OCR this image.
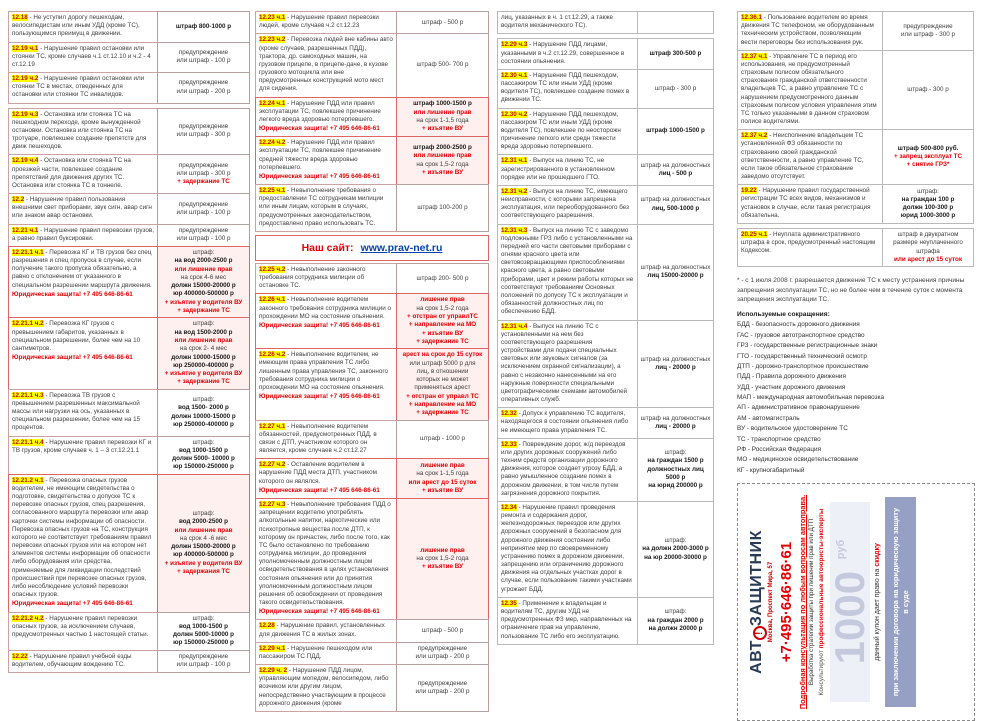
12.18 - Не уступил дорогу пешеходам, велосипедистам или иным УДД (кроме ТС), пользующимся преимущ в движении.
штраф 800-1000 р
12.19 ч.1 - Нарушение правил остановки или стоянки ТС, кроме случаев ч.1 ст.12.10 и ч.2 - 4 ст.12.19
предупреждение
или штраф - 100 р
12.19 ч.2 - Нарушение правил остановки или стоянки ТС в местах, отведенных для остановки или стоянки ТС инвалидов.
предупреждение
или штраф - 200 р
12.19 ч.3 - Остановка или стоянка ТС на пешеходном переходе, кроме вынужденной остановки. Остановка или стоянка ТС на тротуаре, повлекшее создание препятств для движ пешеходов.
предупреждение
или штраф - 300 р
12.19 ч.4 - Остановка или стоянка ТС на проезжей части, повлекшее создание препятствий для движения других ТС. Остановка или стоянка ТС в тоннеле.
предупреждение
или штраф - 300 р
+ задержание ТС
12.2 - Нарушение правил пользования внешними свет приборами, звук сигн, авар сигн или знаком авар остановки.
предупреждение
или штраф - 100 р
12.21 ч.1 - Нарушение правил перевозки грузов, а равно правил буксировки.
предупреждение
или штраф - 100 р
12.21.1 ч.1 - Перевозка КГ и ТВ грузов без спец разрешения и спец пропуска в случае, если получение такого пропуска обязательно, а равно с отклонением от указанного в специальном разрешении маршрута движения.
Юридическая защита! +7 495 646-86-61
штраф:
на вод 2000-2500 р
или лишение прав
на срок 4-6 мес
должн 15000-20000 р
юр 400000-500000 р
+ изъятие у водителя ВУ
+ задержание ТС
12.21.1 ч.2 - Перевозка КГ грузов с превышением габаритов, указанных в специальном разрешении, более чем на 10 сантиметров.
Юридическая защита! +7 495 646-86-61
штраф:
на вод 1500-2000 р
или лишение прав
на срок 2- 4 мес
должн 10000-15000 р
юр 250000-400000 р
+ изъятие у водителя ВУ
+ задержание ТС
12.21.1 ч.3 - Перевозка ТВ грузов с превышением разрешенных максимальной массы или нагрузки на ось, указанных в специальном разрешении, более чем на 15 процентов.
штраф:
вод 1500- 2000 р
должн 10000-15000 р
юр 250000-400000 р
12.21.1 ч.4 - Нарушение правил перевозки КГ и ТВ грузов, кроме случаев ч. 1 – 3 ст.12.21.1
штраф:
вод 1000-1500 р
должн 5000- 10000 р
юр 150000-250000 р
12.21.2 ч.1 - Перевозка опасных грузов водителем, не имеющим свидетельства о подготовке, свидетельства о допуске ТС к перевозке опасных грузов, спец разрешения, согласованного маршрута перевозки или авар карточки системы информации об опасности. Перевозка опасных грузов на ТС, конструкция которого не соответствует требованиям правил перевозки опасных грузов или на котором нет элементов системы информации об опасности либо оборудования или средства, применяемые для ликвидации последствий происшествий при перевозке опасных грузов, либо несоблюдение условий перевозки опасных грузов.
Юридическая защита! +7 495 646-86-61
штраф:
вод 2000-2500 р
или лишение прав
на срок 4 -6 мес
должн 15000-20000 р
юр 400000-500000 р
+ изъятие у водителя ВУ
+ задержания ТС
12.21.2 ч.2 - Нарушение правил перевозки опасных грузов, за исключением случаев, предусмотренных частью 1 настоящей статьи.
штраф:
вод 1000-1500 р
должн 5000-10000 р
юр 150000-250000 р
12.22 - Нарушение правил учебной езды водителем, обучающим вождению ТС.
предупреждение
или штраф - 100 р
12.23 ч.1 - Нарушение правил перевозки людей, кроме случаев ч.2 ст.12.23
штраф - 500 р
12.23 ч.2 - Перевозка людей вне кабины авто (кроме случаев, разрешенных ПДД), трактора, др. самоходных машин, на грузовом прицепе, в прицепе-даче, в кузове грузового мотоцикла или вне предусмотренных конструкцией мото мест для сидения.
штраф 500- 700 р
12.24 ч.1 - Нарушение ПДД или правил эксплуатации ТС, повлекшее причинение легкого вреда здоровью потерпевшего.
Юридическая защита! +7 495 646-86-61
штраф 1000-1500 р
или лишение прав
на срок 1-1,5 года
+ изъятие ВУ
12.24 ч.2 - Нарушение ПДД или правил эксплуатации ТС, повлекшее причинение средней тяжести вреда здоровью потерпевшего.
Юридическая защита! +7 495 646-86-61
штраф 2000-2500 р
или лишение прав
на срок 1,5-2 года
+ изъятие ВУ
12.25 ч.1 - Невыполнение требования о предоставлении ТС сотрудникам милиции или иным лицам, которым в случаях, предусмотренных законодательством, предоставлено право использовать ТС.
штраф 100-200 р
Наш сайт: www.prav-net.ru
12.25 ч.2 - Невыполнение законного требования сотрудника милиции об остановке ТС.
штраф 200- 500 р
12.26 ч.1 - Невыполнение водителем законного требования сотрудника милиции о прохождении МО на состояние опьянения.
Юридическая защита! +7 495 646-86-61
лишение прав
на срок 1,5-2 года
+ отстран от управлТС
+ направление на МО
+ изъятие ВУ
+ задержание ТС
12.26 ч.2 - Невыполнение водителем, не имеющим права управления ТС либо лишенным права управления ТС, законного требования сотрудника милиции о прохождении МО на состояние опьянения.
Юридическая защита! +7 495 646-86-61
арест на срок до 15 суток
или штраф 5000 р для
лиц, в отношении
которых не может
применяться арест
+ отстран от управл ТС
+ направление на МО
+ задержание ТС
12.27 ч.1 - Невыполнение водителем обязанностей, предусмотренных ПДД, в связи с ДТП, участником которого он является, кроме случаев ч.2 ст.12.27
штраф - 1000 р
12.27 ч.2 - Оставление водителем в нарушение ПДД места ДТП, участником которого он являлся.
Юридическая защита! +7 495 646-86-61
лишение прав
на срок 1-1,5 года
или арест до 15 суток
+ изъятие ВУ
12.27 ч.3 - Невыполнение требования ПДД о запрещении водителю употреблять алкогольные напитки, наркотические или психотропные вещества после ДТП, к которому он причастен, либо после того, как ТС было остановлено по требованию сотрудника милиции, до проведения уполномоченным должностным лицом освидетельствования в целях установления состояния опьянения или до принятия уполномоченным должностным лицом решения об освобождении от проведения такого освидетельствования.
Юридическая защита! +7 495 646-86-61
лишение прав
на срок 1,5-2 года
+ изъятие ВУ
12.28 - Нарушение правил, установленных для движения ТС в жилых зонах.
штраф - 500 р
12.29 ч.1 - Нарушение пешеходом или пассажиром ТС ПДД.
предупреждение
или штраф - 200 р
12.29 ч. 2 - Нарушение ПДД лицом, управляющим мопедом, велосипедом, либо возчиком или другим лицом, непосредственно участвующим в процессе дорожного движения (кроме
предупреждение
или штраф - 200 р
лиц, указанных в ч. 1 ст.12.29, а также водителя механического ТС).
12.29 ч.3 - Нарушение ПДД лицами, указанными в ч.2 ст.12.29, совершенное в состоянии опьянения.
штраф 300-500 р
12.30 ч.1 - Нарушение ПДД пешеходом, пассажиром ТС или иным УДД (кроме водителя ТС), повлекшее создание помех в движении ТС.
штраф - 300 р
12.30 ч.2 - Нарушение ПДД пешеходом, пассажиром ТС или иным УДД (кроме водителя ТС), повлекшее по неосторожн причинение легкого или средн тяжести вреда здоровью потерпевшего.
штраф 1000-1500 р
12.31 ч.1 - Выпуск на линию ТС, не зарегистрированного в установленном порядке или не прошедшего ГТО.
штраф на должностных
лиц - 500 р
12.31 ч.2 - Выпуск на линию ТС, имеющего неисправности, с которыми запрещена эксплуатация, или переоборудованного без соответствующего разрешения.
штраф на должностных
лиц, 500-1000 р
12.31 ч.3 - Выпуск на линию ТС с заведомо подложными ГРЗ либо с установленными на передней его части световыми приборами с огнями красного цвета или световозвращающими приспособлениями красного цвета, а равно световыми приборами, цвет и режим работы которых не соответствуют требованиям Основных положений по допуску ТС к эксплуатации и обязанностей должностных лиц по обеспечению БДД.
штраф на должностных
лиц 15000-20000 р
12.31 ч.4 - Выпуск на линию ТС с установленными на нем без соответствующего разрешения устройствами для подачи специальных световых или звуковых сигналов (за исключением охранной сигнализации), а равно с незаконно нанесенными на его наружные поверхности специальными цветографическими схемами автомобилей оперативных служб.
штраф на должностных
лиц - 20000 р
12.32 - Допуск к управлению ТС водителя, находящегося в состоянии опьянения либо не имеющего права управления ТС.
штраф на должностных
лиц - 20000 р
12.33 - Повреждение дорог, ж/д переездов или других дорожных сооружений либо техним средств организации дорожного движения, которое создает угрозу БДД, а равно умышленное создание помех в дорожном движении, в том числе путем загрязнения дорожного покрытия.
штраф:
на граждан 1500 р
должностных лиц 5000 р
на юрид 200000 р
12.34 - Нарушение правил проведения ремонта и содержания дорог, железнодорожных переездов или других дорожных сооружений в безопасном для дорожного движения состоянии либо непринятие мер по своевременному устранению помех в дорожном движении, запрещению или ограничению дорожного движения на отдельных участках дорог в случае, если пользование такими участками угрожает БДД.
штраф:
на должн 2000-3000 р
на юр 20000-30000 р
12.35 - Применение к владельцам и водителям ТС, другим УДД не предусмотренных ФЗ мер, направленных на ограничение прав на управление, пользование ТС либо его эксплуатацию.
штраф:
на граждан 2000 р
на должн 20000 р
12.36.1 - Пользование водителем во время движения ТС телефоном, не оборудованным техническим устройством, позволяющим вести переговоры без использования рук.
предупреждение
или штраф - 300 р
12.37 ч.1 - Управление ТС в период его использования, не предусмотренный страховым полисом обязательного страхования гражданской ответственности владельцев ТС, а равно управление ТС с нарушением предусмотренного данным страховым полисом условия управления этим ТС только указанными в данном страховом полисе водителями.
штраф - 300 р
12.37 ч.2 - Неисполнение владельцем ТС установленной ФЗ обязанности по страхованию своей гражданской ответственности, а равно управление ТС, если такое обязательное страхование заведомо отсутствует.
штраф 500-800 руб.
+ запрещ эксплуат ТС
+ снятие ГРЗ*
19.22 - Нарушение правил государственной регистрации ТС всех видов, механизмов и установок в случае, если такая регистрация обязательна.
штраф:
на граждан 100 р
должн 100-300 р
юрид 1000-3000 р
20.25 ч.1 - Неуплата административного штрафа в срок, предусмотренный настоящим Кодексом.
штраф в двукратном
размере неуплаченного
штрафа
или арест до 15 суток
* - с 1 июля 2008 г. разрешается движение ТС к месту устранения причины запрещения эксплуатации ТС, но не более чем в течение суток с момента запрещения эксплуатации ТС.
Используемые сокращения:
БДД - безопасность дорожного движения
ГАС - грузовое автотранспортное средство
ГРЗ - государственные регистрационные знаки
ГТО - государственный технический осмотр
ДТП - дорожно-транспортное происшествие
ПДД - Правила дорожного движения
УДД - участник дорожного движения
МАП - международная автомобильная перевозка
АП - административное правонарушение
АМ - автомагистраль
ВУ - водительское удостоверение ТС
ТС - транспортное средство
РФ - Российская Федерация
МО - медицинское освидетельствование
КГ - крупногабаритный
АВТ!ЗАЩИТНИК Москва, Проспект Мира, 57 +7·495·646·86·61 Подробная консультация по любым вопросам автоправа. Выработка стратегии защиты при лишении прав или ДТП Консультируют профессиональные автоюристы-эксперты 1000 $^{руб}$
данный купон дает право на скидку	при заключении договора на юридическую защиту в суде
